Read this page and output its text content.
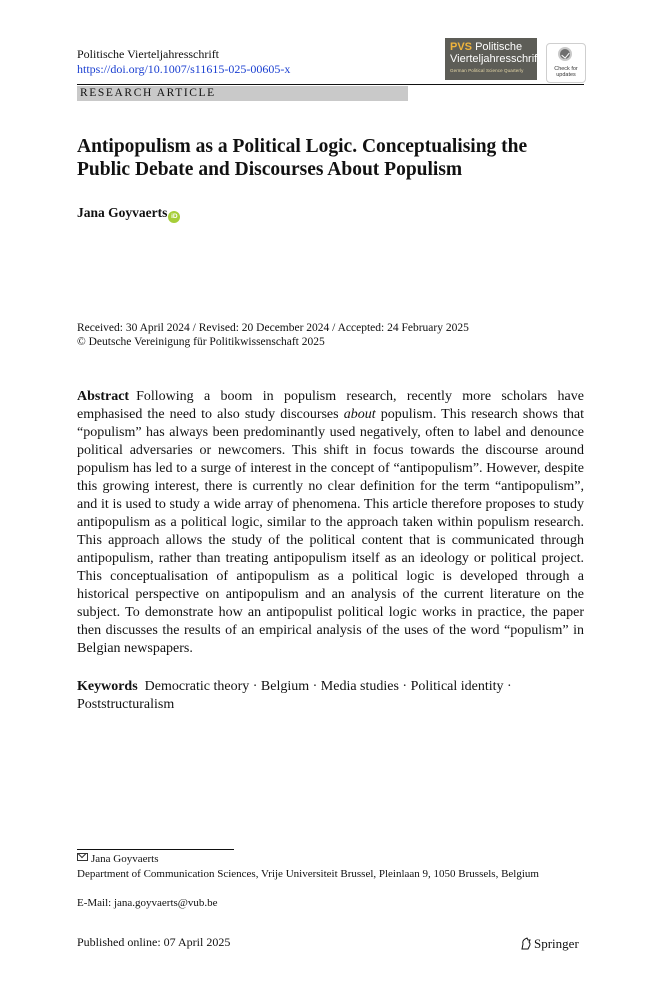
Politische Vierteljahresschrift
https://doi.org/10.1007/s11615-025-00605-x
PVS Politische
Vierteljahresschrift
German Political Science Quarterly	Check for
updates
RESEARCH ARTICLE
Antipopulism as a Political Logic. Conceptualising the Public Debate and Discourses About Populism
Jana Goyvaerts iD
Received: 30 April 2024 / Revised: 20 December 2024 / Accepted: 24 February 2025
© Deutsche Vereinigung für Politikwissenschaft 2025

Abstract  Following a boom in populism research, recently more scholars have emphasised the need to also study discourses about populism. This research shows that “populism” has always been predominantly used negatively, often to label and denounce political adversaries or newcomers. This shift in focus towards the discourse around populism has led to a surge of interest in the concept of “antipopulism”. However, despite this growing interest, there is currently no clear definition for the term “antipopulism”, and it is used to study a wide array of phenomena. This article therefore proposes to study antipopulism as a political logic, similar to the approach taken within populism research. This approach allows the study of the political content that is communicated through antipopulism, rather than treating antipopulism itself as an ideology or political project. This conceptualisation of antipopulism as a political logic is developed through a historical perspective on antipopulism and an analysis of the current literature on the subject. To demonstrate how an antipopulist political logic works in practice, the paper then discusses the results of an empirical analysis of the uses of the word “populism” in Belgian newspapers.

Keywords  Democratic theory · Belgium · Media studies · Political identity · Poststructuralism

Jana Goyvaerts

Department of Communication Sciences, Vrije Universiteit Brussel, Pleinlaan 9, 1050 Brussels, Belgium

E-Mail: jana.goyvaerts@vub.be
Published online: 07 April 2025	Springer
